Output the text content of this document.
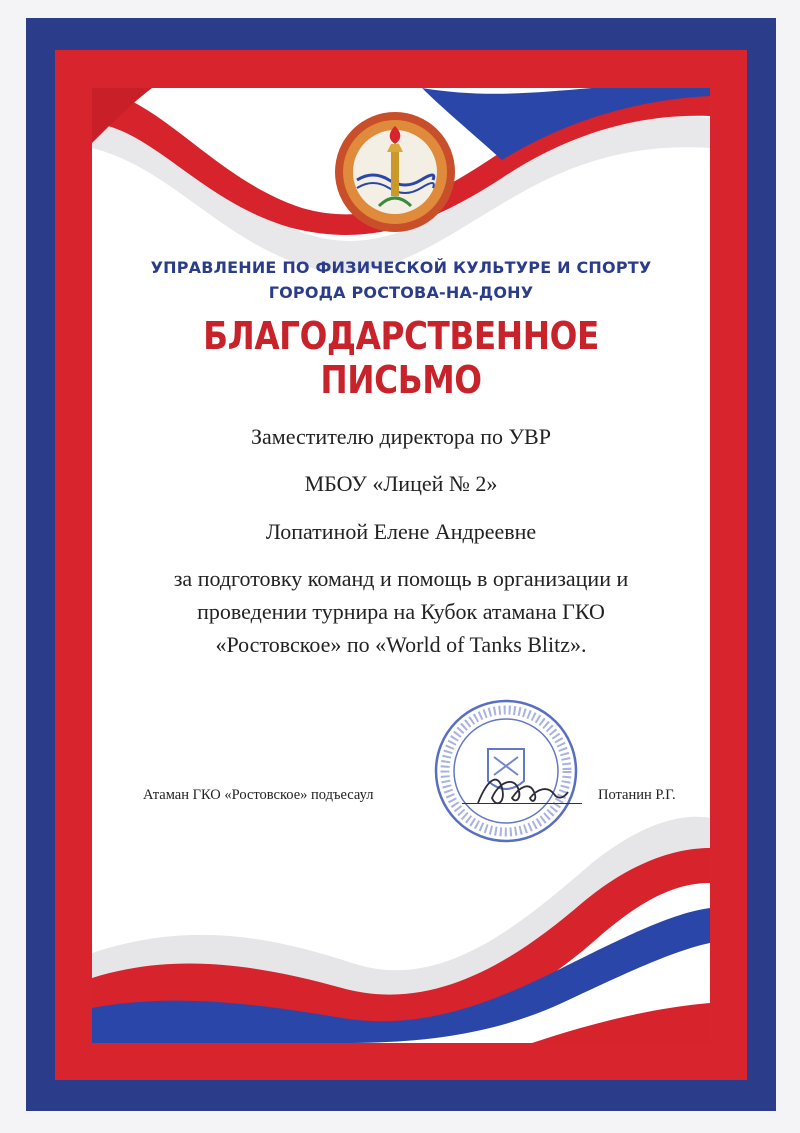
УПРАВЛЕНИЕ ПО ФИЗИЧЕСКОЙ КУЛЬТУРЕ И СПОРТУ
ГОРОДА РОСТОВА-НА-ДОНУ
БЛАГОДАРСТВЕННОЕ ПИСЬМО
Заместителю директора по УВР
МБОУ «Лицей № 2»
Лопатиной Елене Андреевне
за подготовку команд и помощь в организации и
проведении турнира на Кубок атамана ГКО
«Ростовское» по «World of Tanks Blitz».
Атаман ГКО «Ростовское» подъесаул	Потанин Р.Г.
